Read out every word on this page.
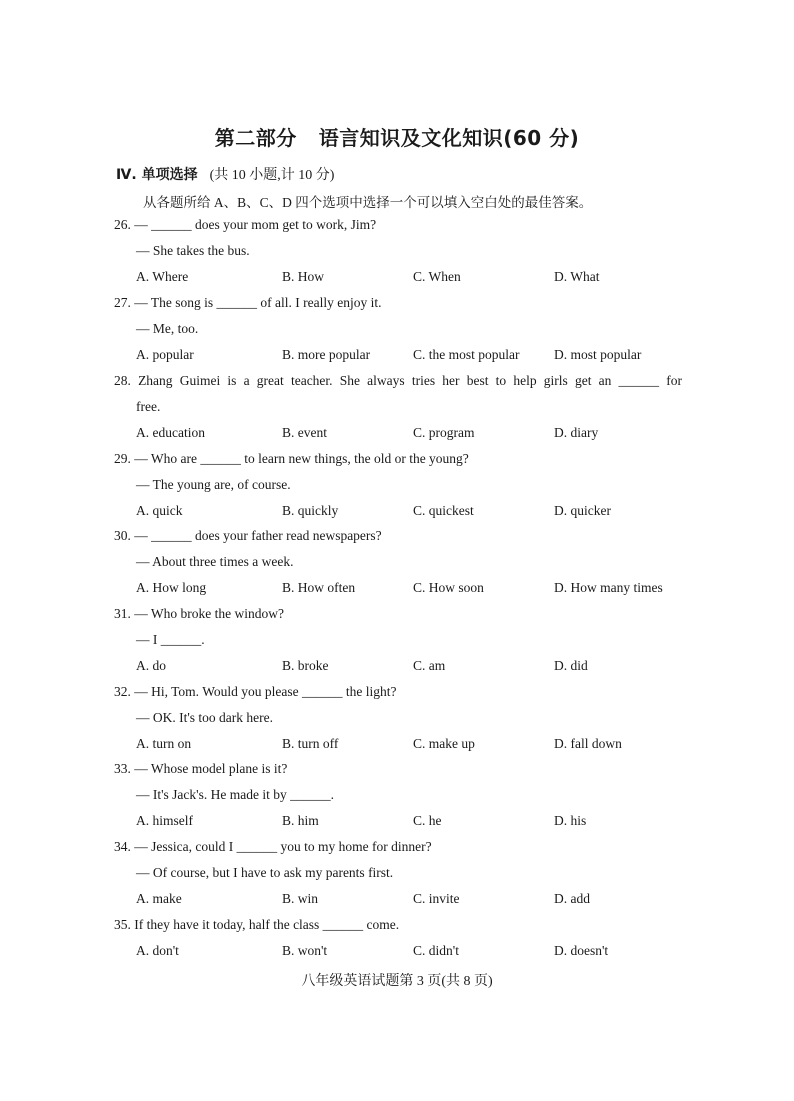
第二部分 语言知识及文化知识(60 分)
Ⅳ. 单项选择 (共 10 小题,计 10 分)
从各题所给 A、B、C、D 四个选项中选择一个可以填入空白处的最佳答案。
26. — ______ does your mom get to work, Jim?
— She takes the bus.
A. Where	B. How	C. When	D. What
27. — The song is ______ of all. I really enjoy it.
— Me, too.
A. popular	B. more popular	C. the most popular	D. most popular
28. Zhang Guimei is a great teacher. She always tries her best to help girls get an ______ for
free.
A. education	B. event	C. program	D. diary
29. — Who are ______ to learn new things, the old or the young?
— The young are, of course.
A. quick	B. quickly	C. quickest	D. quicker
30. — ______ does your father read newspapers?
— About three times a week.
A. How long	B. How often	C. How soon	D. How many times
31. — Who broke the window?
— I ______.
A. do	B. broke	C. am	D. did
32. — Hi, Tom. Would you please ______ the light?
— OK. It's too dark here.
A. turn on	B. turn off	C. make up	D. fall down
33. — Whose model plane is it?
— It's Jack's. He made it by ______.
A. himself	B. him	C. he	D. his
34. — Jessica, could I ______ you to my home for dinner?
— Of course, but I have to ask my parents first.
A. make	B. win	C. invite	D. add
35. If they have it today, half the class ______ come.
A. don't	B. won't	C. didn't	D. doesn't
八年级英语试题第 3 页(共 8 页)
